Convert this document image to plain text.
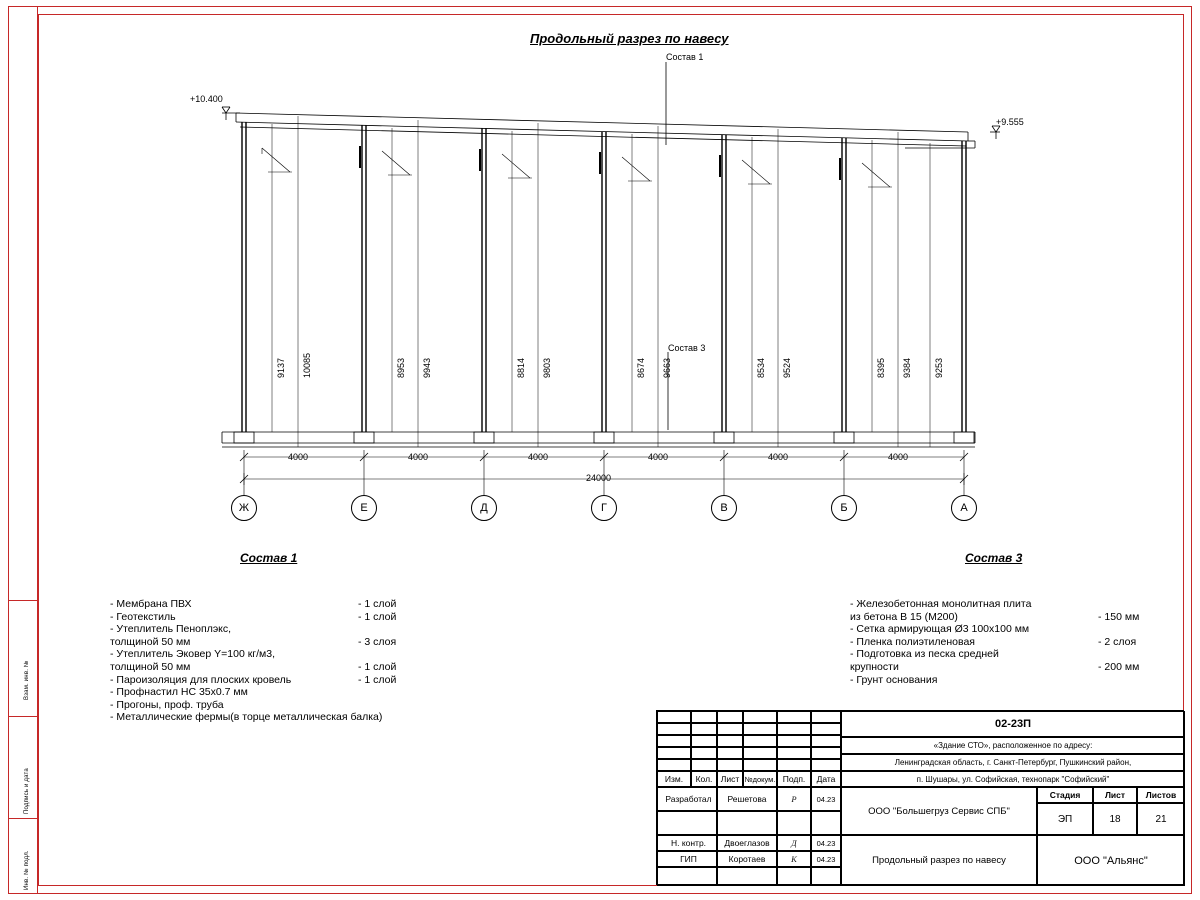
Взам. инв. №
Подпись и дата
Инв. № подл.
Продольный разрез по навесу
+10.400
+9.555
Состав 1
Состав 3
9137 10085	8953 9943	8814 9803	8674 9663	8534 9524	8395 9384 9253
4000	4000	4000	4000	4000	4000
24000
Ж	Е	Д	Г	В	Б	А
Состав 1
- Мембрана ПВХ	- 1 слой
- Геотекстиль	- 1 слой
- Утеплитель Пеноплэкс,
толщиной 50 мм	- 3 слоя
- Утеплитель Эковер Y=100 кг/м3,
толщиной 50 мм	- 1 слой
- Пароизоляция для плоских кровель	- 1 слой
- Профнастил НС 35х0.7 мм
- Прогоны, проф. труба
- Металлические фермы(в торце металлическая балка)
Состав 3
- Железобетонная монолитная плита
из бетона В 15 (М200)	- 150 мм
- Сетка армирующая Ø3 100х100 мм
- Пленка полиэтиленовая	- 2 слоя
- Подготовка из песка средней
крупности	- 200 мм
- Грунт основания
Изм.	Кол. Лист №докум. Подп.	Дата
Разработал	Решетова	Р	04.23
Н. контр.	Двоеглазов	Д	04.23
ГИП	Коротаев	К	04.23
02-23П
«Здание СТО», расположенное по адресу:
Ленинградская область, г. Санкт-Петербург, Пушкинский район,
п. Шушары, ул. Софийская, технопарк "Софийский"
ООО "Большегруз Сервис СПБ"
Стадия	Лист	Листов
ЭП	18	21
Продольный разрез по навесу	ООО "Альянс"
